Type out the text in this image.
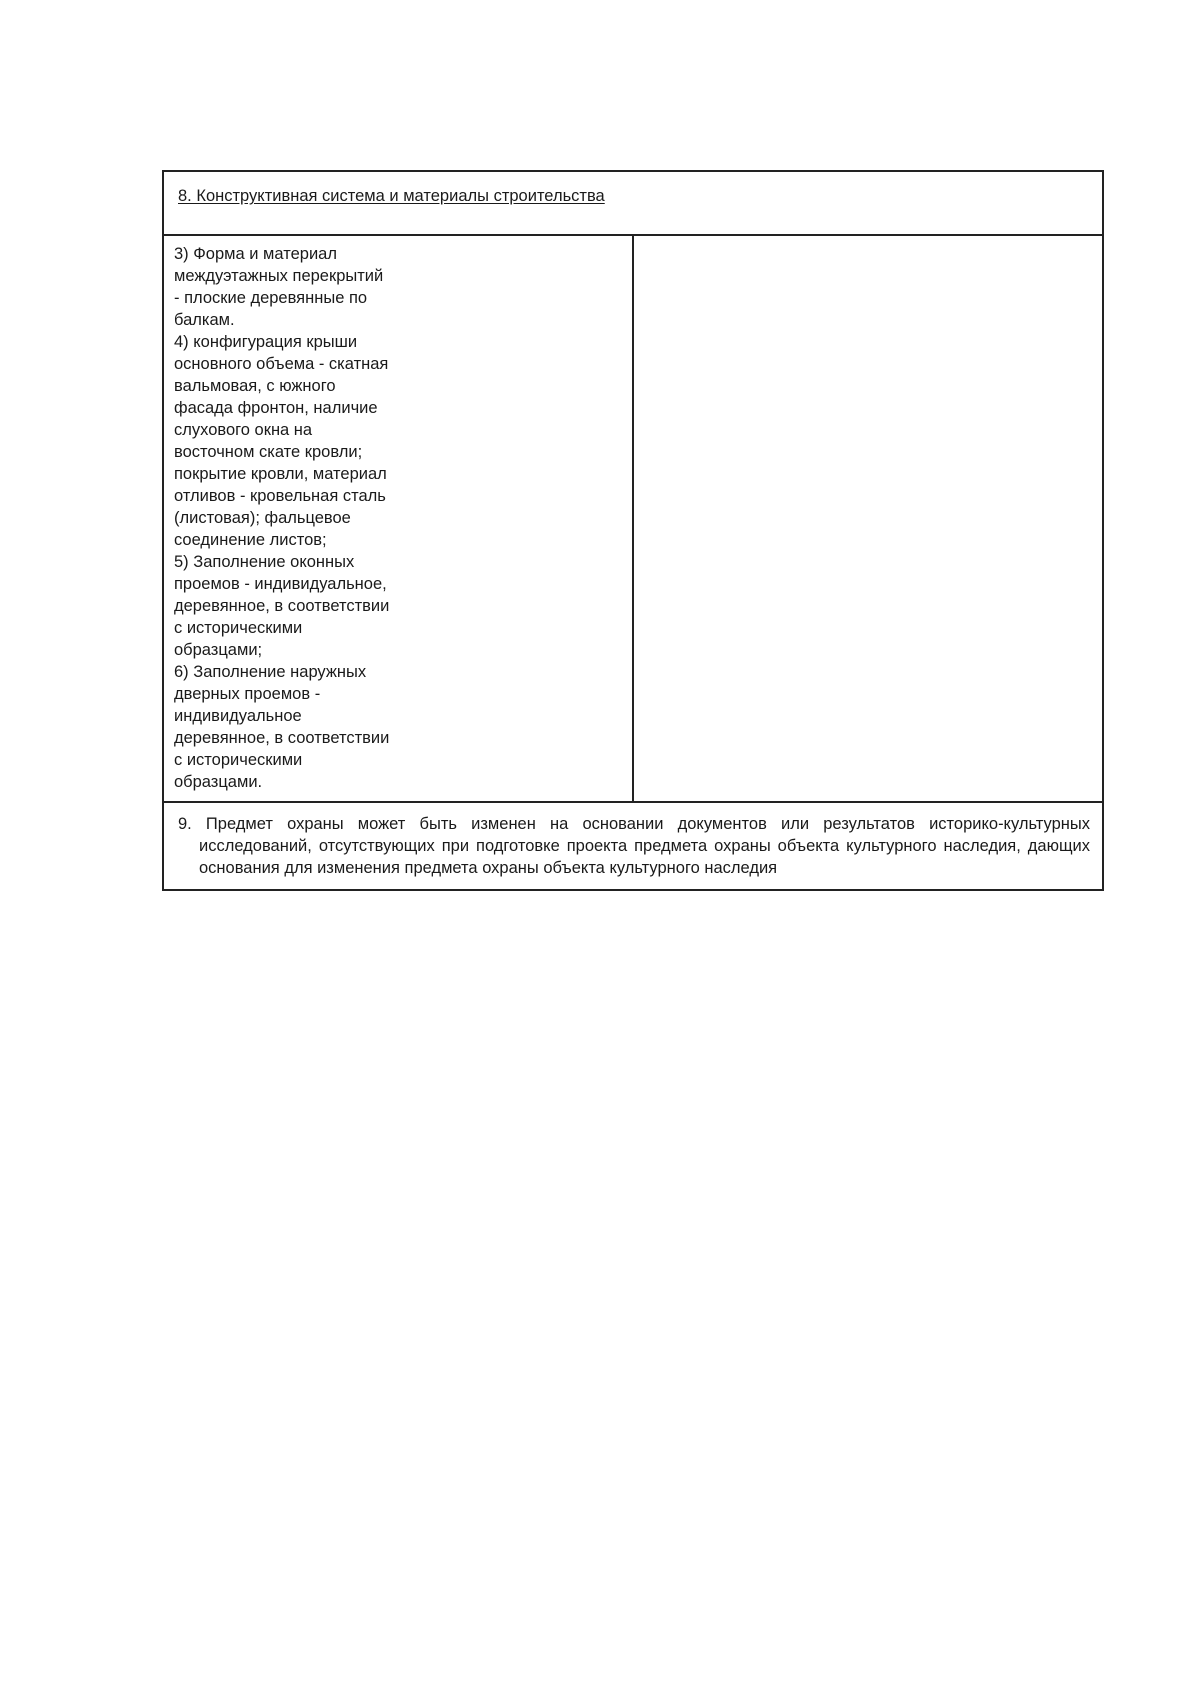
8. Конструктивная система и материалы строительства

3) Форма и материал
междуэтажных перекрытий
- плоские деревянные по
балкам.
4) конфигурация крыши
основного объема - скатная
вальмовая, с южного
фасада фронтон, наличие
слухового окна на
восточном скате кровли;
покрытие кровли, материал
отливов - кровельная сталь
(листовая); фальцевое
соединение листов;
5) Заполнение оконных
проемов - индивидуальное,
деревянное, в соответствии
с историческими
образцами;
6) Заполнение наружных
дверных проемов -
индивидуальное
деревянное, в соответствии
с историческими
образцами.

9. Предмет охраны может быть изменен на основании документов или результатов историко-культурных исследований, отсутствующих при подготовке проекта предмета охраны объекта культурного наследия, дающих основания для изменения предмета охраны объекта культурного наследия
